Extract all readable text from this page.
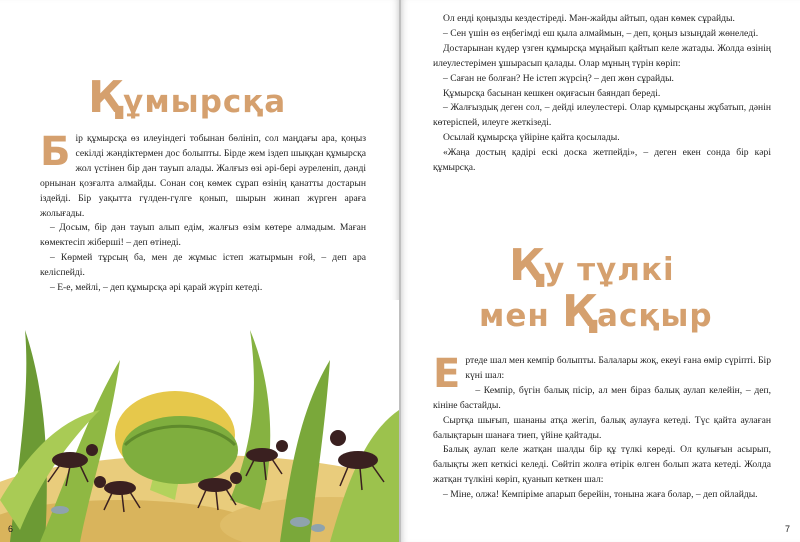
Құмырсқа

Бір құмырсқа өз илеуіндегі тобынан бөлініп, сол маңдағы ара, қоңыз секілді жәндіктермен дос болыпты. Бірде жем іздеп шыққан құмырсқа жол үстінен бір дән тауып алады. Жалғыз өзі әрі-бері әуреленіп, дәнді орнынан қозғалта алмайды. Сонан соң көмек сұрап өзінің қанатты достарын іздейді. Бір уақытта гүлден-гүлге қонып, шырын жинап жүрген араға жолығады.

– Досым, бір дән тауып алып едім, жалғыз өзім көтере алмадым. Маған көмектесіп жіберші! – деп өтінеді.

– Көрмей тұрсың ба, мен де жұмыс істеп жатырмын ғой, – деп ара келіспейді.

– Е-е, мейлі, – деп құмырсқа әрі қарай жүріп кетеді.

6

Ол енді қоңызды кездестіреді. Мән-жайды айтып, одан көмек сұрайды.

– Сен үшін өз еңбегімді еш қыла алмаймын, – деп, қоңыз ызыңдай жөнеледі.

Достарынан күдер үзген құмырсқа мұңайып қайтып келе жатады. Жолда өзінің илеулестерімен ұшырасып қалады. Олар мұның түрін көріп:

– Саған не болған? Не істеп жүрсің? – деп жөн сұрайды.

Құмырсқа басынан кешкен оқиғасын баяндап береді.

– Жалғыздық деген сол, – дейді илеулестері. Олар құмырсқаны жұбатып, дәнін көтеріспей, илеуге жеткізеді.

Осылай құмырсқа үйіріне қайта қосылады.

«Жаңа достың қадірі ескі доска жетпейді», – деген екен сонда бір кәрі құмырсқа.

Қу тұлкі
мен Қасқыр

Ертеде шал мен кемпір болыпты. Балалары жоқ, екеуі ғана өмір сүріпті. Бір күні шал:

– Кемпір, бүгін балық пісір, ал мен біраз балық аулап келейін, – деп, кініне бастайды.

Сыртқа шығып, шананы атқа жегіп, балық аулауға кетеді. Түс қайта аулаған балықтарын шанаға тиеп, үйіне қайтады.

Балық аулап келе жатқан шалды бір құ түлкі көреді. Ол қулығын асырып, балықты жеп кеткісі келеді. Сөйтіп жолға өтірік өлген болып жата кетеді. Жолда жатқан түлкіні көріп, қуанып кеткен шал:

– Міне, олжа! Кемпіріме апарып берейін, тонына жаға болар, – деп ойлайды.

7
